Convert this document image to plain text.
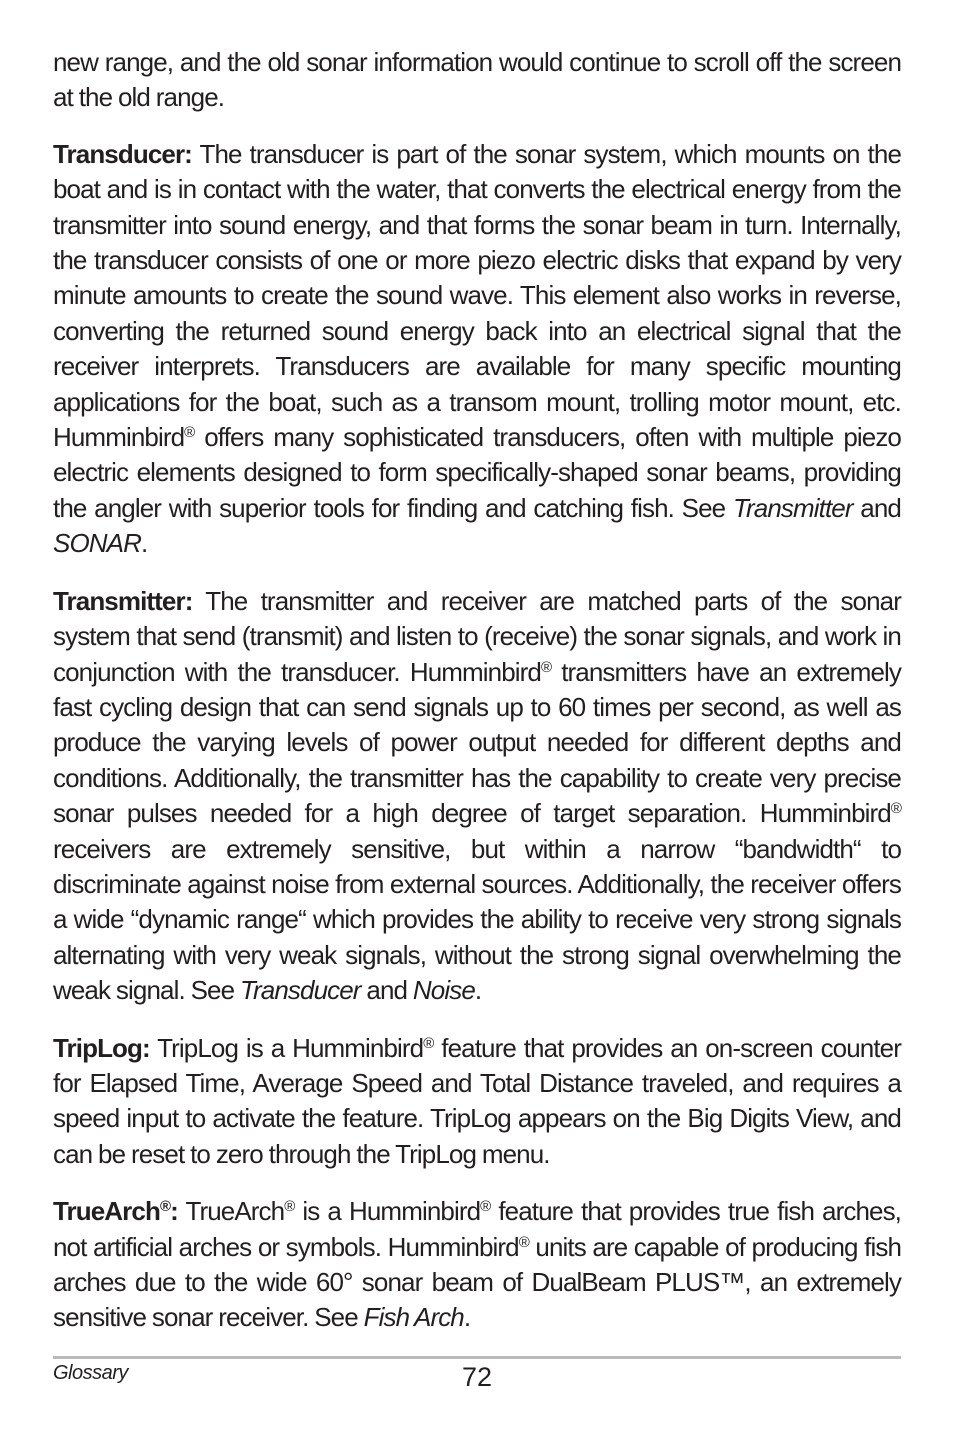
new range, and the old sonar information would continue to scroll off the screen at the old range.

Transducer: The transducer is part of the sonar system, which mounts on the boat and is in contact with the water, that converts the electrical energy from the transmitter into sound energy, and that forms the sonar beam in turn. Internally, the transducer consists of one or more piezo electric disks that expand by very minute amounts to create the sound wave. This element also works in reverse, converting the returned sound energy back into an electrical signal that the receiver interprets. Transducers are available for many specific mounting applications for the boat, such as a transom mount, trolling motor mount, etc. Humminbird® offers many sophisticated transducers, often with multiple piezo electric elements designed to form specifically-shaped sonar beams, providing the angler with superior tools for finding and catching fish. See Transmitter and SONAR.

Transmitter: The transmitter and receiver are matched parts of the sonar system that send (transmit) and listen to (receive) the sonar signals, and work in conjunction with the transducer. Humminbird® transmitters have an extremely fast cycling design that can send signals up to 60 times per second, as well as produce the varying levels of power output needed for different depths and conditions. Additionally, the transmitter has the capability to create very precise sonar pulses needed for a high degree of target separation. Humminbird® receivers are extremely sensitive, but within a narrow “bandwidth“ to discriminate against noise from external sources. Additionally, the receiver offers a wide “dynamic range“ which provides the ability to receive very strong signals alternating with very weak signals, without the strong signal overwhelming the weak signal. See Transducer and Noise.

TripLog: TripLog is a Humminbird® feature that provides an on-screen counter for Elapsed Time, Average Speed and Total Distance traveled, and requires a speed input to activate the feature. TripLog appears on the Big Digits View, and can be reset to zero through the TripLog menu.

TrueArch®: TrueArch® is a Humminbird® feature that provides true fish arches, not artificial arches or symbols. Humminbird® units are capable of producing fish arches due to the wide 60° sonar beam of DualBeam PLUS™, an extremely sensitive sonar receiver. See Fish Arch.

Glossary	72
